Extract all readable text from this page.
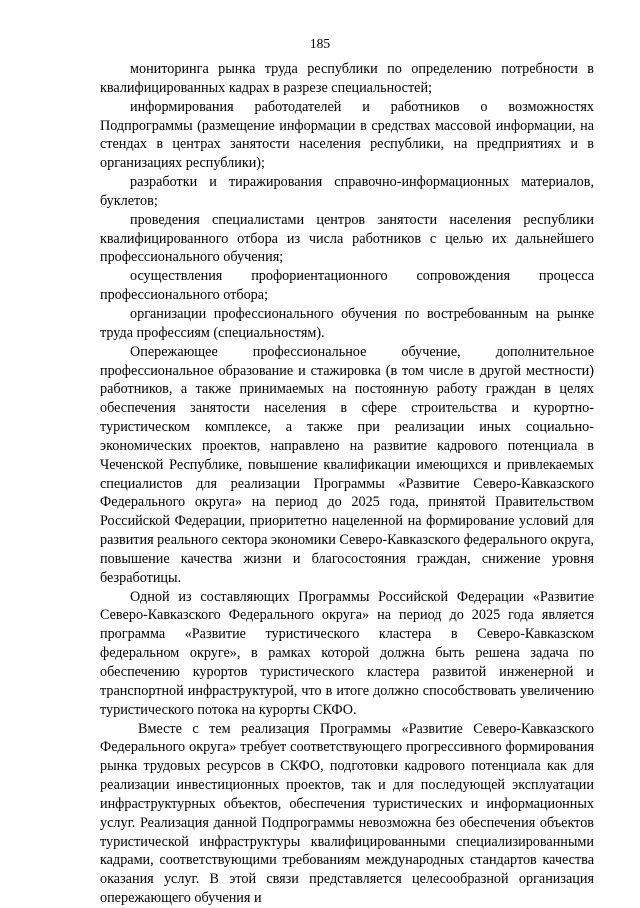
185

мониторинга рынка труда республики по определению потребности в квалифицированных кадрах в разрезе специальностей;

информирования работодателей и работников о возможностях Подпрограммы (размещение информации в средствах массовой информации, на стендах в центрах занятости населения республики, на предприятиях и в организациях республики);

разработки и тиражирования справочно-информационных материалов, буклетов;

проведения специалистами центров занятости населения республики квалифицированного отбора из числа работников с целью их дальнейшего профессионального обучения;

осуществления профориентационного сопровождения процесса профессионального отбора;

организации профессионального обучения по востребованным на рынке труда профессиям (специальностям).

Опережающее профессиональное обучение, дополнительное профессиональное образование и стажировка (в том числе в другой местности) работников, а также принимаемых на постоянную работу граждан в целях обеспечения занятости населения в сфере строительства и курортно-туристическом комплексе, а также при реализации иных социально-экономических проектов, направлено на развитие кадрового потенциала в Чеченской Республике, повышение квалификации имеющихся и привлекаемых специалистов для реализации Программы «Развитие Северо-Кавказского Федерального округа» на период до 2025 года, принятой Правительством Российской Федерации, приоритетно нацеленной на формирование условий для развития реального сектора экономики Северо-Кавказского федерального округа, повышение качества жизни и благосостояния граждан, снижение уровня безработицы.

Одной из составляющих Программы Российской Федерации «Развитие Северо-Кавказского Федерального округа» на период до 2025 года является программа «Развитие туристического кластера в Северо-Кавказском федеральном округе», в рамках которой должна быть решена задача по обеспечению курортов туристического кластера развитой инженерной и транспортной инфраструктурой, что в итоге должно способствовать увеличению туристического потока на курорты СКФО.

Вместе с тем реализация Программы «Развитие Северо-Кавказского Федерального округа» требует соответствующего прогрессивного формирования рынка трудовых ресурсов в СКФО, подготовки кадрового потенциала как для реализации инвестиционных проектов, так и для последующей эксплуатации инфраструктурных объектов, обеспечения туристических и информационных услуг. Реализация данной Подпрограммы невозможна без обеспечения объектов туристической инфраструктуры квалифицированными специализированными кадрами, соответствующими требованиям международных стандартов качества оказания услуг. В этой связи представляется целесообразной организация опережающего обучения и
